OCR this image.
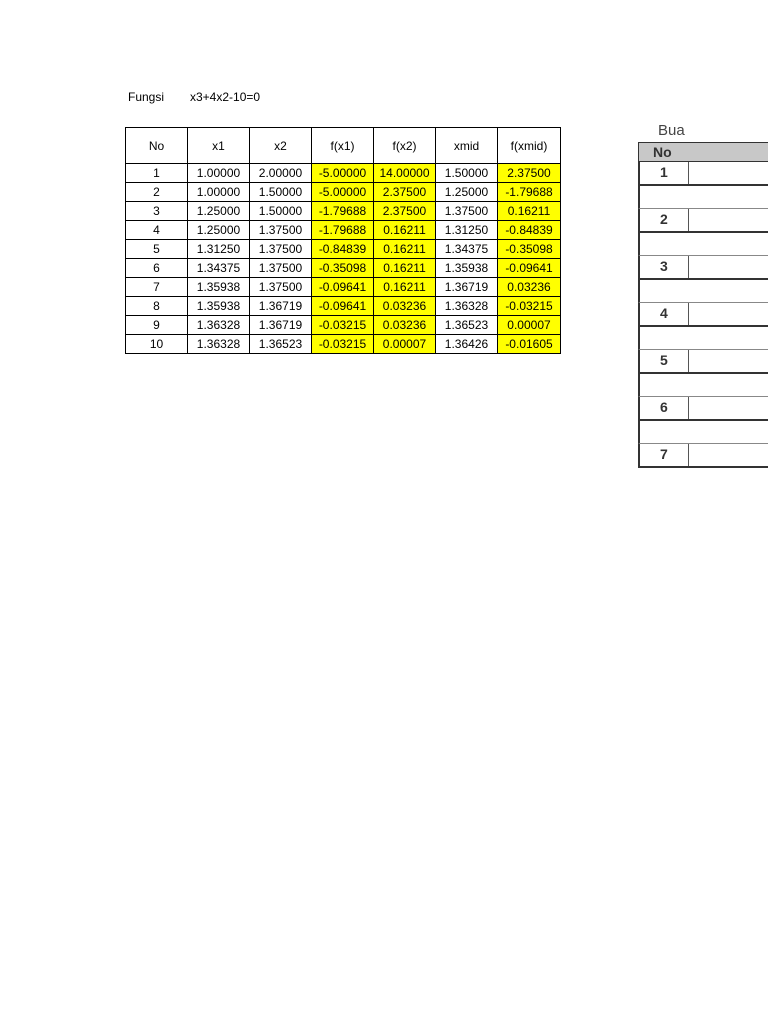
Fungsi	x3+4x2-10=0
No	x1	x2	f(x1)	f(x2)	xmid	f(xmid)
1	1.00000	2.00000	-5.00000	14.00000	1.50000	2.37500
2	1.00000	1.50000	-5.00000	2.37500	1.25000	-1.79688
3	1.25000	1.50000	-1.79688	2.37500	1.37500	0.16211
4	1.25000	1.37500	-1.79688	0.16211	1.31250	-0.84839
5	1.31250	1.37500	-0.84839	0.16211	1.34375	-0.35098
6	1.34375	1.37500	-0.35098	0.16211	1.35938	-0.09641
7	1.35938	1.37500	-0.09641	0.16211	1.36719	0.03236
8	1.35938	1.36719	-0.09641	0.03236	1.36328	-0.03215
9	1.36328	1.36719	-0.03215	0.03236	1.36523	0.00007
10	1.36328	1.36523	-0.03215	0.00007	1.36426	-0.01605
Bua
No
1
2
3
4
5
6
7
